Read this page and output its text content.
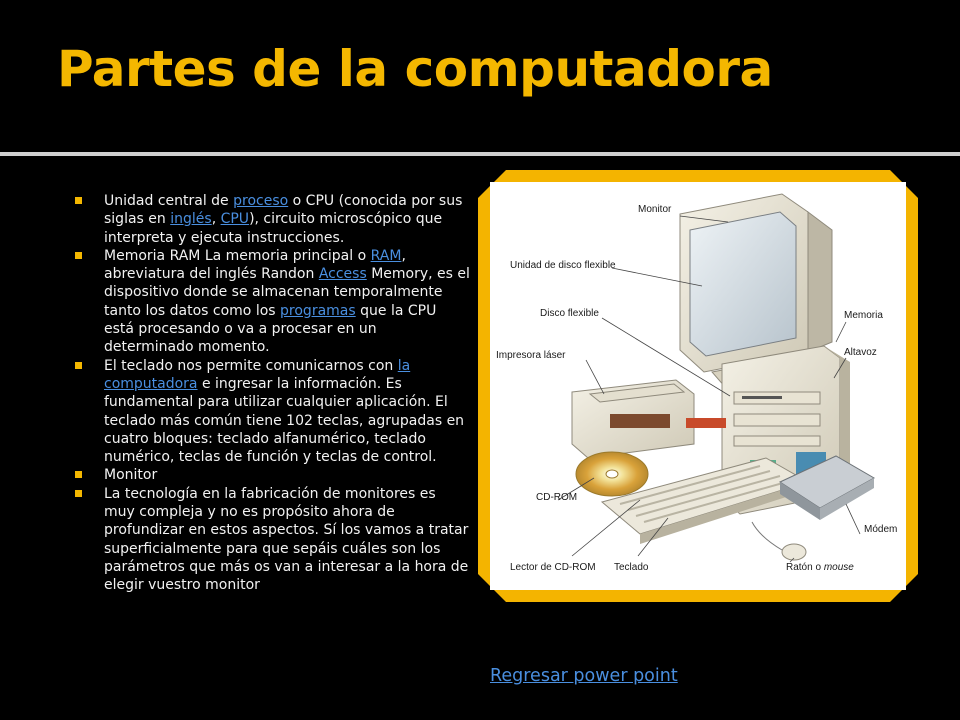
Partes de la computadora
Unidad central de proceso o CPU (conocida por sus siglas en inglés, CPU), circuito microscópico que interpreta y ejecuta instrucciones.
Memoria RAM La memoria principal o RAM, abreviatura del inglés Randon Access Memory, es el dispositivo donde se almacenan temporalmente tanto los datos como los programas que la CPU está procesando o va a procesar en un determinado momento.
El teclado nos permite comunicarnos con la computadora e ingresar la información. Es fundamental para utilizar cualquier aplicación. El teclado más común tiene 102 teclas, agrupadas en cuatro bloques: teclado alfanumérico, teclado numérico, teclas de función y teclas de control.
Monitor
La tecnología en la fabricación de monitores es muy compleja y no es propósito ahora de profundizar en estos aspectos. Sí los vamos a tratar superficialmente para que sepáis cuáles son los parámetros que más os van a interesar a la hora de elegir vuestro monitor
Monitor
Unidad de disco flexible
Disco flexible
Impresora láser
Memoria
Altavoz
CD-ROM
Módem
Lector de CD-ROM Teclado	Ratón o mouse
Regresar power point
